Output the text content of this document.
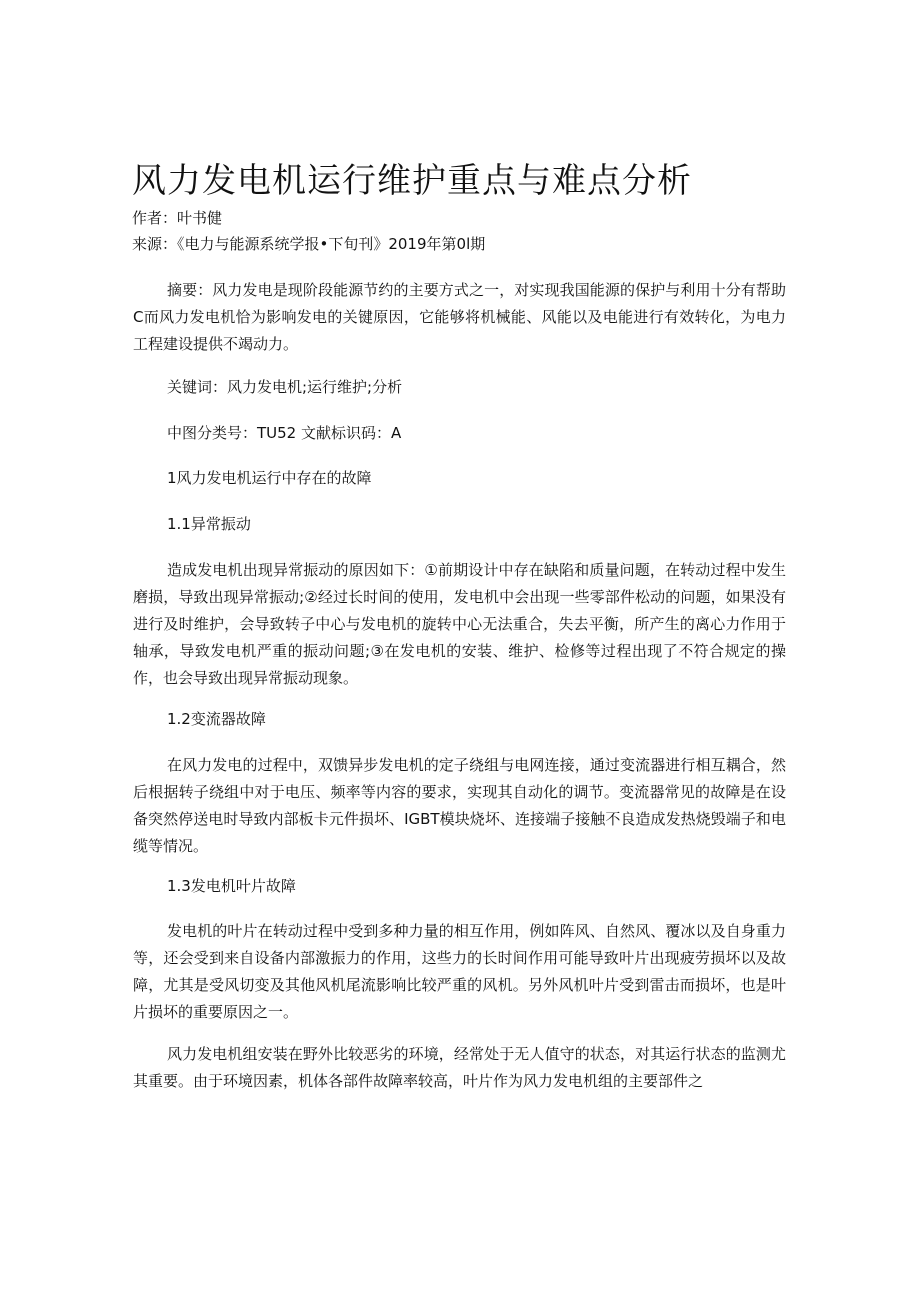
风力发电机运行维护重点与难点分析
作者：叶书健
来源：《电力与能源系统学报•下旬刊》2019年第0l期

摘要：风力发电是现阶段能源节约的主要方式之一，对实现我国能源的保护与利用十分有帮助C而风力发电机恰为影响发电的关键原因，它能够将机械能、风能以及电能进行有效转化，为电力工程建设提供不竭动力。

关键词：风力发电机;运行维护;分析
中图分类号：TU52 文献标识码：A
1风力发电机运行中存在的故障
1.1异常振动

造成发电机出现异常振动的原因如下：①前期设计中存在缺陷和质量问题，在转动过程中发生磨损，导致出现异常振动;②经过长时间的使用，发电机中会出现一些零部件松动的问题，如果没有进行及时维护，会导致转子中心与发电机的旋转中心无法重合，失去平衡，所产生的离心力作用于轴承，导致发电机严重的振动问题;③在发电机的安装、维护、检修等过程出现了不符合规定的操作，也会导致出现异常振动现象。

1.2变流器故障

在风力发电的过程中，双馈异步发电机的定子绕组与电网连接，通过变流器进行相互耦合，然后根据转子绕组中对于电压、频率等内容的要求，实现其自动化的调节。变流器常见的故障是在设备突然停送电时导致内部板卡元件损坏、IGBT模块烧坏、连接端子接触不良造成发热烧毁端子和电缆等情况。

1.3发电机叶片故障

发电机的叶片在转动过程中受到多种力量的相互作用，例如阵风、自然风、覆冰以及自身重力等，还会受到来自设备内部激振力的作用，这些力的长时间作用可能导致叶片出现疲劳损坏以及故障，尤其是受风切变及其他风机尾流影响比较严重的风机。另外风机叶片受到雷击而损坏，也是叶片损坏的重要原因之一。

风力发电机组安装在野外比较恶劣的环境，经常处于无人值守的状态，对其运行状态的监测尤其重要。由于环境因素，机体各部件故障率较高，叶片作为风力发电机组的主要部件之
